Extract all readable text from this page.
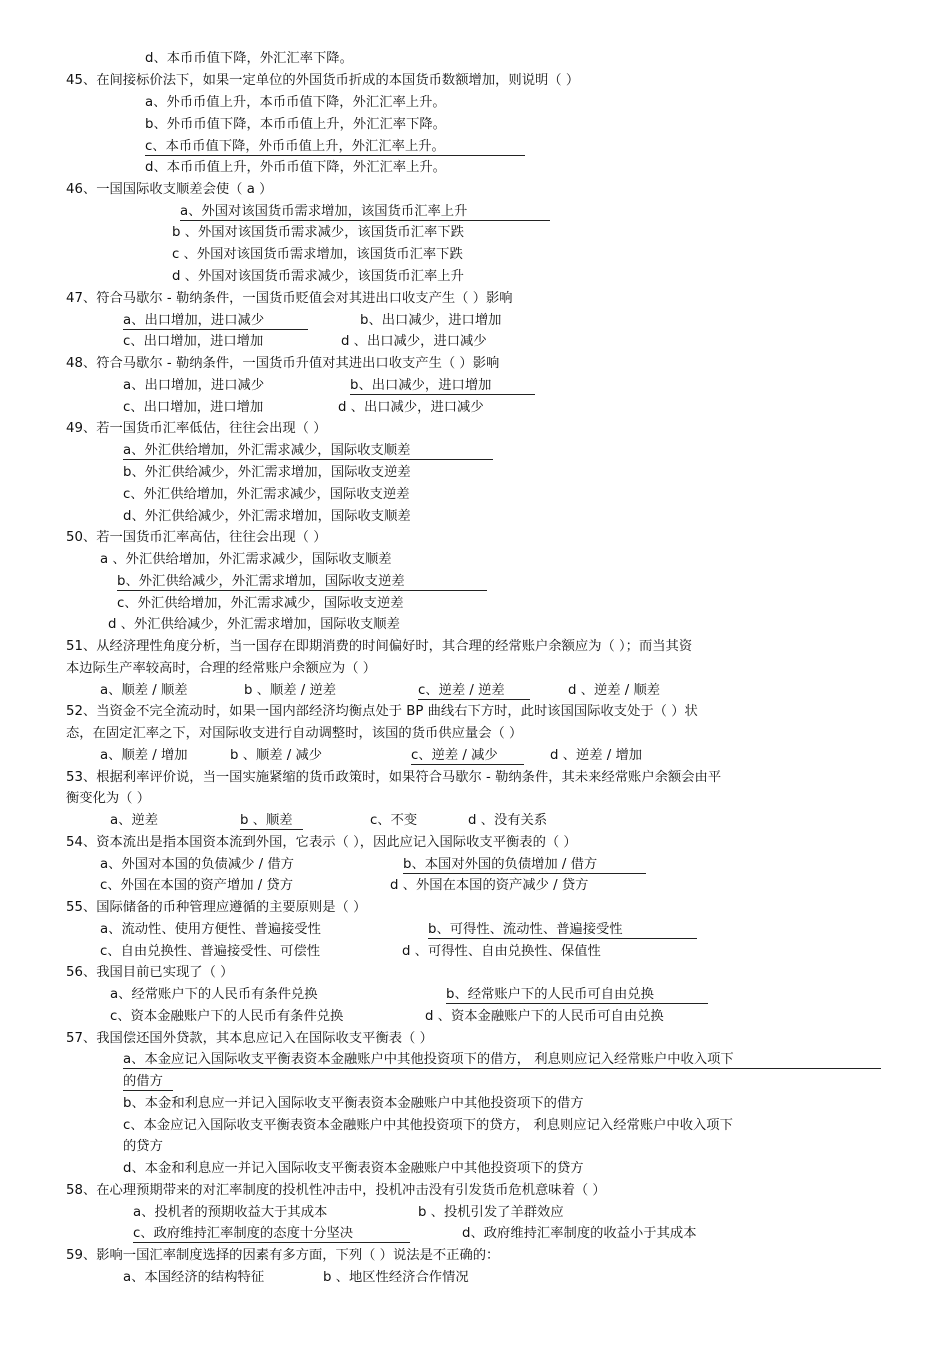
d、本币币值下降，外汇汇率下降。
45、在间接标价法下，如果一定单位的外国货币折成的本国货币数额增加，则说明（ ）
a、外币币值上升，本币币值下降，外汇汇率上升。
b、外币币值下降，本币币值上升，外汇汇率下降。
c、本币币值下降，外币币值上升，外汇汇率上升。
d、本币币值上升，外币币值下降，外汇汇率上升。
46、一国国际收支顺差会使（ a ）
a、外国对该国货币需求增加，该国货币汇率上升
b 、外国对该国货币需求减少，该国货币汇率下跌
c 、外国对该国货币需求增加，该国货币汇率下跌
d 、外国对该国货币需求减少，该国货币汇率上升
47、符合马歇尔 - 勒纳条件，一国货币贬值会对其进出口收支产生（ ）影响
a、出口增加，进口减少	b、出口减少，进口增加
c、出口增加，进口增加	d 、出口减少，进口减少
48、符合马歇尔 - 勒纳条件，一国货币升值对其进出口收支产生（ ）影响
a、出口增加，进口减少	b、出口减少，进口增加
c、出口增加，进口增加	d 、出口减少，进口减少
49、若一国货币汇率低估，往往会出现（ ）
a、外汇供给增加，外汇需求减少，国际收支顺差
b、外汇供给减少，外汇需求增加，国际收支逆差
c、外汇供给增加，外汇需求减少，国际收支逆差
d、外汇供给减少，外汇需求增加，国际收支顺差
50、若一国货币汇率高估，往往会出现（ ）
a 、外汇供给增加，外汇需求减少，国际收支顺差
b、外汇供给减少，外汇需求增加，国际收支逆差
c、外汇供给增加，外汇需求减少，国际收支逆差
d 、外汇供给减少，外汇需求增加，国际收支顺差
51、从经济理性角度分析，当一国存在即期消费的时间偏好时，其合理的经常账户余额应为（ ）；而当其资
本边际生产率较高时，合理的经常账户余额应为（ ）
a、顺差 / 顺差	b 、顺差 / 逆差	c、逆差 / 逆差	d 、逆差 / 顺差
52、当资金不完全流动时，如果一国内部经济均衡点处于 BP 曲线右下方时，此时该国国际收支处于（ ）状
态，在固定汇率之下，对国际收支进行自动调整时，该国的货币供应量会（ ）
a、顺差 / 增加	b 、顺差 / 减少	c、逆差 / 减少	d 、逆差 / 增加
53、根据利率评价说，当一国实施紧缩的货币政策时，如果符合马歇尔 - 勒纳条件，其未来经常账户余额会由平
衡变化为（ ）
a、逆差	b 、顺差	c、不变	d 、没有关系
54、资本流出是指本国资本流到外国，它表示（ ），因此应记入国际收支平衡表的（ ）
a、外国对本国的负债减少 / 借方	b、本国对外国的负债增加 / 借方
c、外国在本国的资产增加 / 贷方	d 、外国在本国的资产减少 / 贷方
55、国际储备的币种管理应遵循的主要原则是（ ）
a、流动性、使用方便性、普遍接受性	b、可得性、流动性、普遍接受性
c、自由兑换性、普遍接受性、可偿性	d 、可得性、自由兑换性、保值性
56、我国目前已实现了（ ）
a、经常账户下的人民币有条件兑换	b、经常账户下的人民币可自由兑换
c、资本金融账户下的人民币有条件兑换	d 、资本金融账户下的人民币可自由兑换
57、我国偿还国外贷款，其本息应记入在国际收支平衡表（ ）
a、本金应记入国际收支平衡表资本金融账户中其他投资项下的借方， 利息则应记入经常账户中收入项下
的借方
b、本金和利息应一并记入国际收支平衡表资本金融账户中其他投资项下的借方
c、本金应记入国际收支平衡表资本金融账户中其他投资项下的贷方， 利息则应记入经常账户中收入项下
的贷方
d、本金和利息应一并记入国际收支平衡表资本金融账户中其他投资项下的贷方
58、在心理预期带来的对汇率制度的投机性冲击中，投机冲击没有引发货币危机意味着（ ）
a、投机者的预期收益大于其成本	b 、投机引发了羊群效应
c、政府维持汇率制度的态度十分坚决	d、政府维持汇率制度的收益小于其成本
59、影响一国汇率制度选择的因素有多方面，下列（ ）说法是不正确的：
a、本国经济的结构特征	b 、地区性经济合作情况
